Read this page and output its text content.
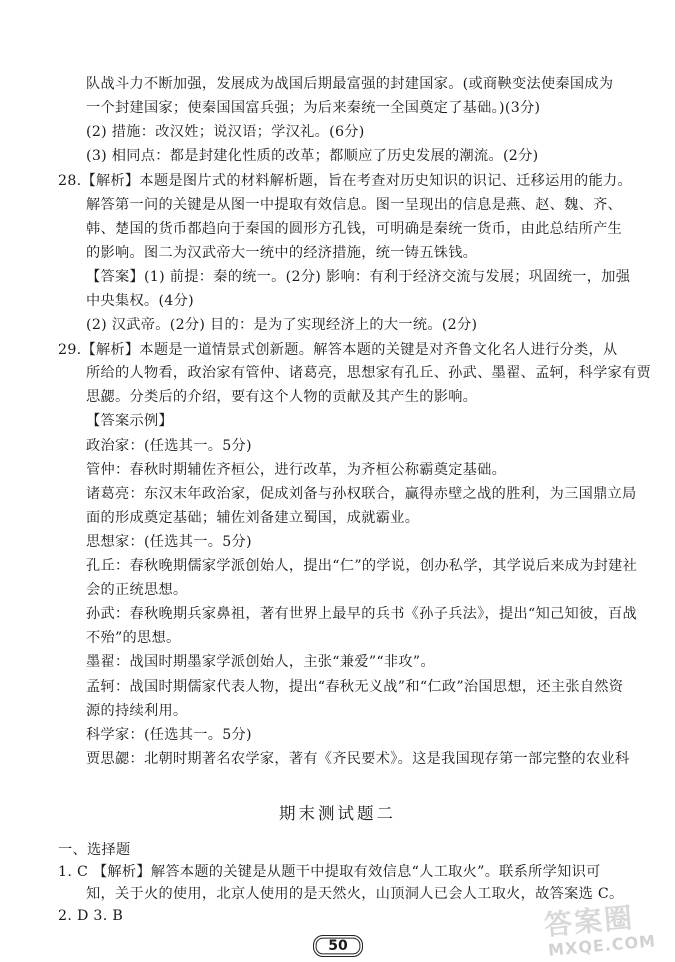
队战斗力不断加强，发展成为战国后期最富强的封建国家。(或商鞅变法使秦国成为
一个封建国家；使秦国国富兵强；为后来秦统一全国奠定了基础。)(3分)
(2) 措施：改汉姓；说汉语；学汉礼。(6分)
(3) 相同点：都是封建化性质的改革；都顺应了历史发展的潮流。(2分)
28.【解析】本题是图片式的材料解析题，旨在考查对历史知识的识记、迁移运用的能力。
解答第一问的关键是从图一中提取有效信息。图一呈现出的信息是燕、赵、魏、齐、
韩、楚国的货币都趋向于秦国的圆形方孔钱，可明确是秦统一货币，由此总结所产生
的影响。图二为汉武帝大一统中的经济措施，统一铸五铢钱。
【答案】(1) 前提：秦的统一。(2分) 影响：有利于经济交流与发展；巩固统一，加强
中央集权。(4分)
(2) 汉武帝。(2分) 目的：是为了实现经济上的大一统。(2分)
29.【解析】本题是一道情景式创新题。解答本题的关键是对齐鲁文化名人进行分类，从
所给的人物看，政治家有管仲、诸葛亮，思想家有孔丘、孙武、墨翟、孟轲，科学家有贾
思勰。分类后的介绍，要有这个人物的贡献及其产生的影响。
【答案示例】
政治家：(任选其一。5分)
管仲：春秋时期辅佐齐桓公，进行改革，为齐桓公称霸奠定基础。
诸葛亮：东汉末年政治家，促成刘备与孙权联合，赢得赤壁之战的胜利，为三国鼎立局
面的形成奠定基础；辅佐刘备建立蜀国，成就霸业。
思想家：(任选其一。5分)
孔丘：春秋晚期儒家学派创始人，提出“仁”的学说，创办私学，其学说后来成为封建社
会的正统思想。
孙武：春秋晚期兵家鼻祖，著有世界上最早的兵书《孙子兵法》，提出“知己知彼，百战
不殆”的思想。
墨翟：战国时期墨家学派创始人，主张“兼爱”“非攻”。
孟轲：战国时期儒家代表人物，提出“春秋无义战”和“仁政”治国思想，还主张自然资
源的持续利用。
科学家：(任选其一。5分)
贾思勰：北朝时期著名农学家，著有《齐民要术》。这是我国现存第一部完整的农业科
期末测试题二
一、选择题
1. C 【解析】解答本题的关键是从题干中提取有效信息“人工取火”。联系所学知识可
知，关于火的使用，北京人使用的是天然火，山顶洞人已会人工取火，故答案选 C。
2. D 3. B
50
答案圈
MXQE.COM
